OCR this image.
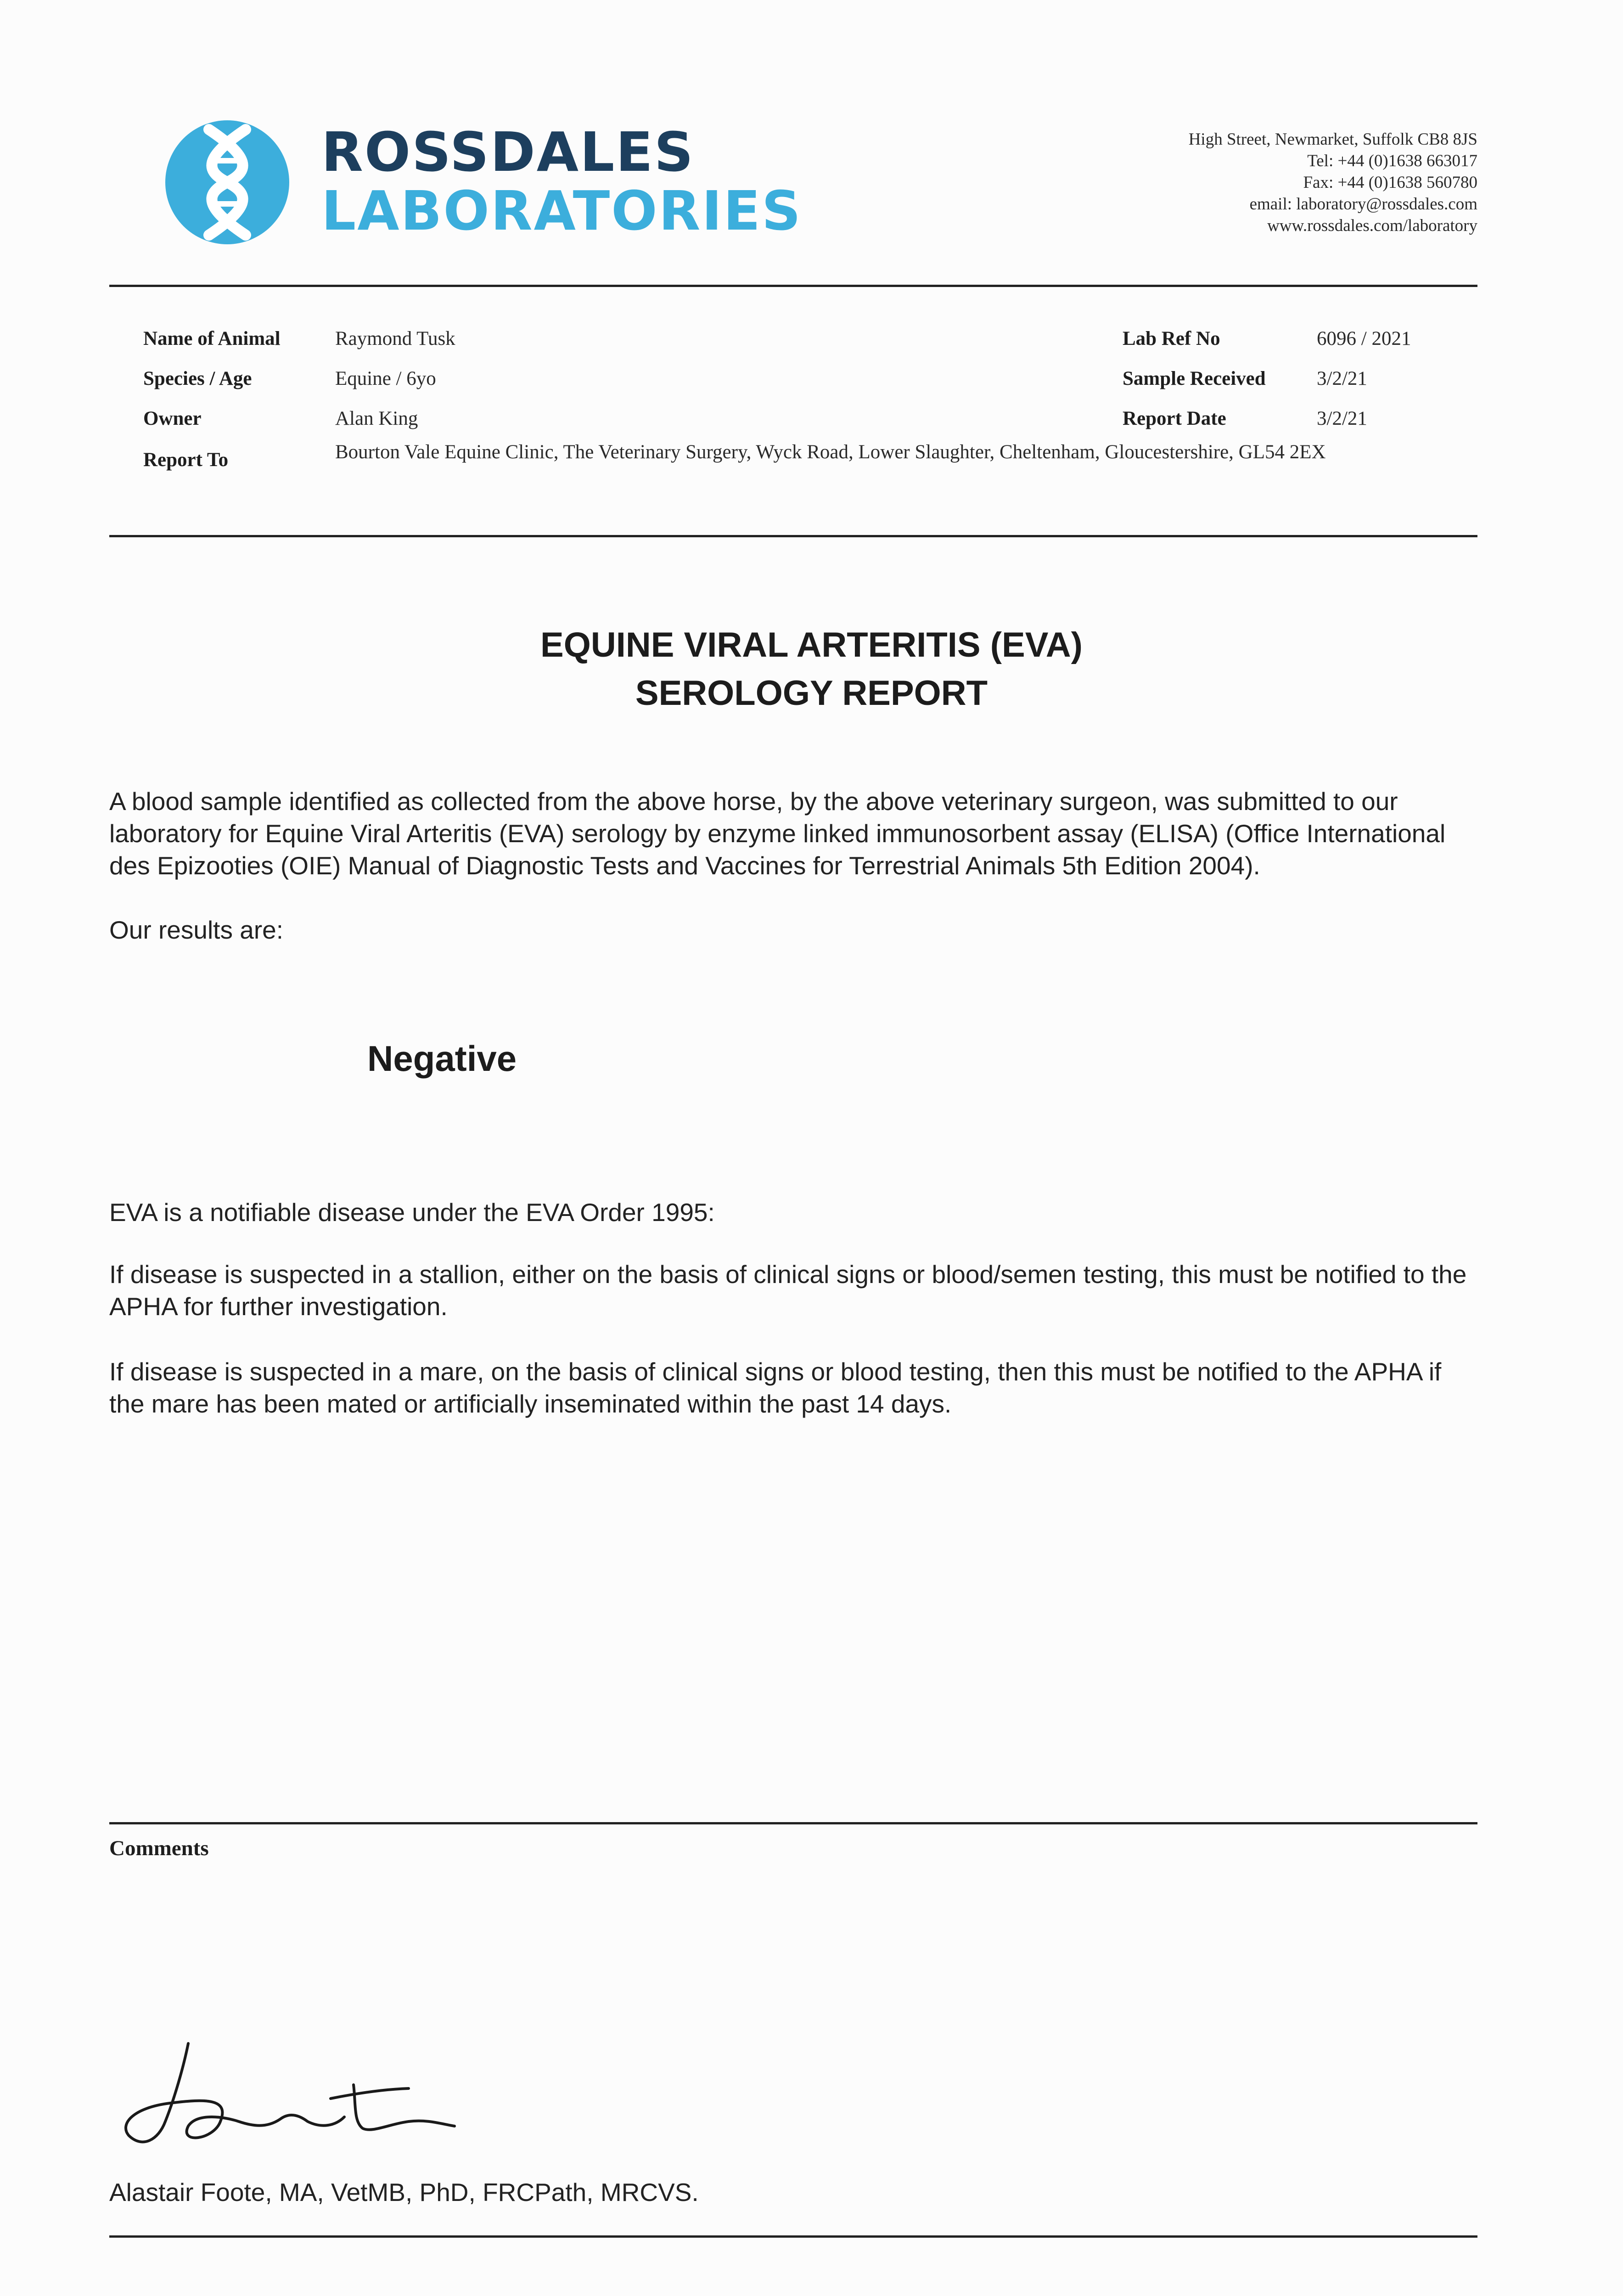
ROSSDALES
LABORATORIES
High Street, Newmarket, Suffolk CB8 8JS
Tel: +44 (0)1638 663017
Fax: +44 (0)1638 560780
email: laboratory@rossdales.com
www.rossdales.com/laboratory
Name of Animal	Raymond Tusk
Species / Age	Equine / 6yo
Owner	Alan King
Report To	Bourton Vale Equine Clinic, The Veterinary Surgery, Wyck Road, Lower Slaughter, Cheltenham, Gloucestershire, GL54 2EX
Lab Ref No	6096 / 2021
Sample Received	3/2/21
Report Date	3/2/21
EQUINE VIRAL ARTERITIS (EVA)
SEROLOGY REPORT
A blood sample identified as collected from the above horse, by the above veterinary surgeon, was submitted to our laboratory for Equine Viral Arteritis (EVA) serology by enzyme linked immunosorbent assay (ELISA) (Office International des Epizooties (OIE) Manual of Diagnostic Tests and Vaccines for Terrestrial Animals 5th Edition 2004).
Our results are:
Negative
EVA is a notifiable disease under the EVA Order 1995:
If disease is suspected in a stallion, either on the basis of clinical signs or blood/semen testing, this must be notified to the APHA for further investigation.
If disease is suspected in a mare, on the basis of clinical signs or blood testing, then this must be notified to the APHA if the mare has been mated or artificially inseminated within the past 14 days.
Comments
Alastair Foote, MA, VetMB, PhD, FRCPath, MRCVS.
